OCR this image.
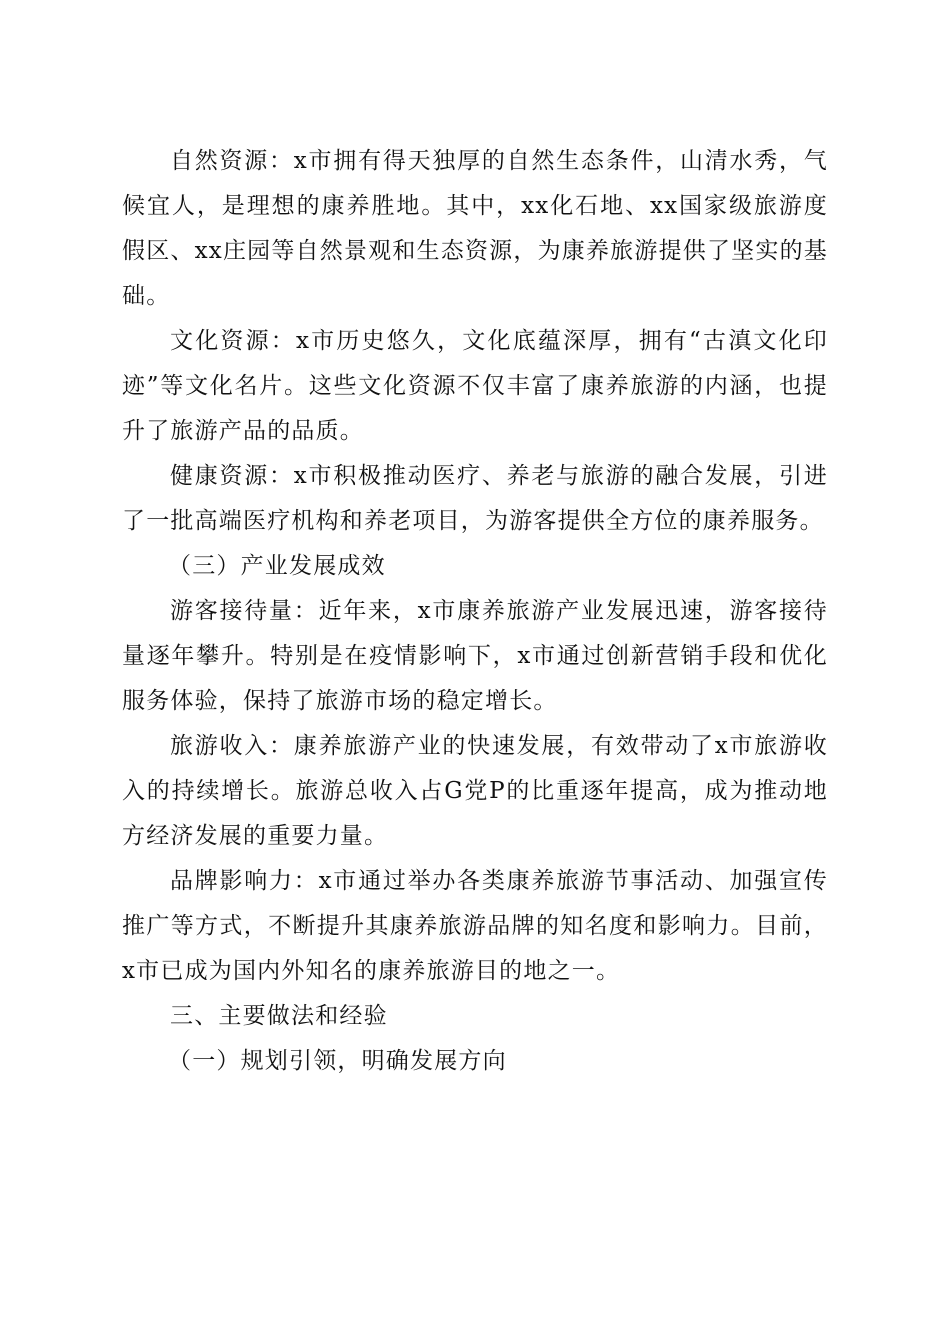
自然资源：x市拥有得天独厚的自然生态条件，山清水秀，气候宜人，是理想的康养胜地。其中，xx化石地、xx国家级旅游度假区、xx庄园等自然景观和生态资源，为康养旅游提供了坚实的基础。

文化资源：x市历史悠久，文化底蕴深厚，拥有“古滇文化印迹”等文化名片。这些文化资源不仅丰富了康养旅游的内涵，也提升了旅游产品的品质。

健康资源：x市积极推动医疗、养老与旅游的融合发展，引进了一批高端医疗机构和养老项目，为游客提供全方位的康养服务。

（三）产业发展成效

游客接待量：近年来，x市康养旅游产业发展迅速，游客接待量逐年攀升。特别是在疫情影响下，x市通过创新营销手段和优化服务体验，保持了旅游市场的稳定增长。

旅游收入：康养旅游产业的快速发展，有效带动了x市旅游收入的持续增长。旅游总收入占G党P的比重逐年提高，成为推动地方经济发展的重要力量。

品牌影响力：x市通过举办各类康养旅游节事活动、加强宣传推广等方式，不断提升其康养旅游品牌的知名度和影响力。目前，x市已成为国内外知名的康养旅游目的地之一。

三、主要做法和经验

（一）规划引领，明确发展方向
